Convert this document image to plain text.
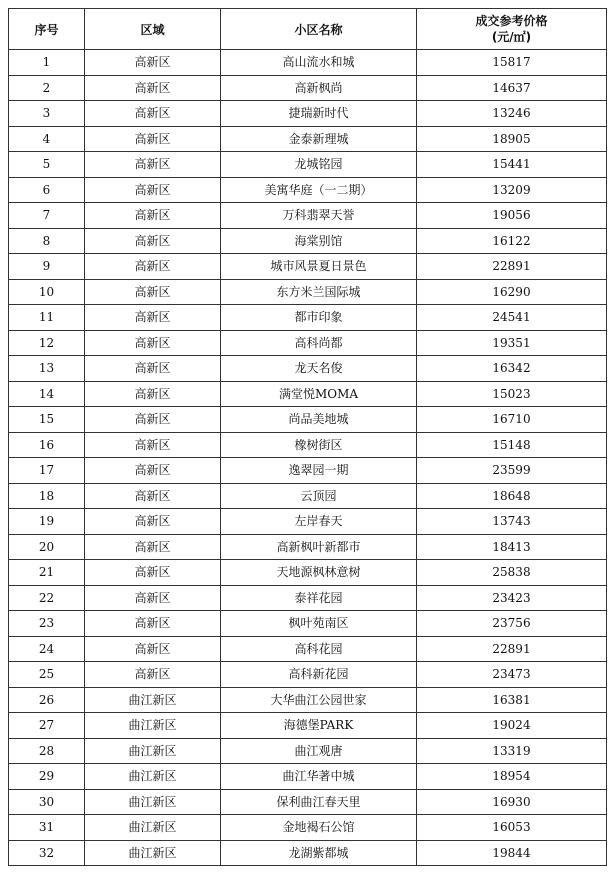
序号	区域	小区名称	成交参考价格
(元/㎡)

1	高新区	高山流水和城	15817
2	高新区	高新枫尚	14637
3	高新区	捷瑞新时代	13246
4	高新区	金泰新理城	18905
5	高新区	龙城铭园	15441
6	高新区	美寓华庭（一二期）	13209
7	高新区	万科翡翠天誉	19056
8	高新区	海棠别馆	16122
9	高新区	城市风景夏日景色	22891
10	高新区	东方米兰国际城	16290
11	高新区	都市印象	24541
12	高新区	高科尚都	19351
13	高新区	龙天名俊	16342
14	高新区	满堂悦MOMA	15023
15	高新区	尚品美地城	16710
16	高新区	橡树街区	15148
17	高新区	逸翠园一期	23599
18	高新区	云顶园	18648
19	高新区	左岸春天	13743
20	高新区	高新枫叶新都市	18413
21	高新区	天地源枫林意树	25838
22	高新区	泰祥花园	23423
23	高新区	枫叶苑南区	23756
24	高新区	高科花园	22891
25	高新区	高科新花园	23473
26	曲江新区	大华曲江公园世家	16381
27	曲江新区	海德堡PARK	19024
28	曲江新区	曲江观唐	13319
29	曲江新区	曲江华著中城	18954
30	曲江新区	保利曲江春天里	16930
31	曲江新区	金地褐石公馆	16053
32	曲江新区	龙湖紫都城	19844
